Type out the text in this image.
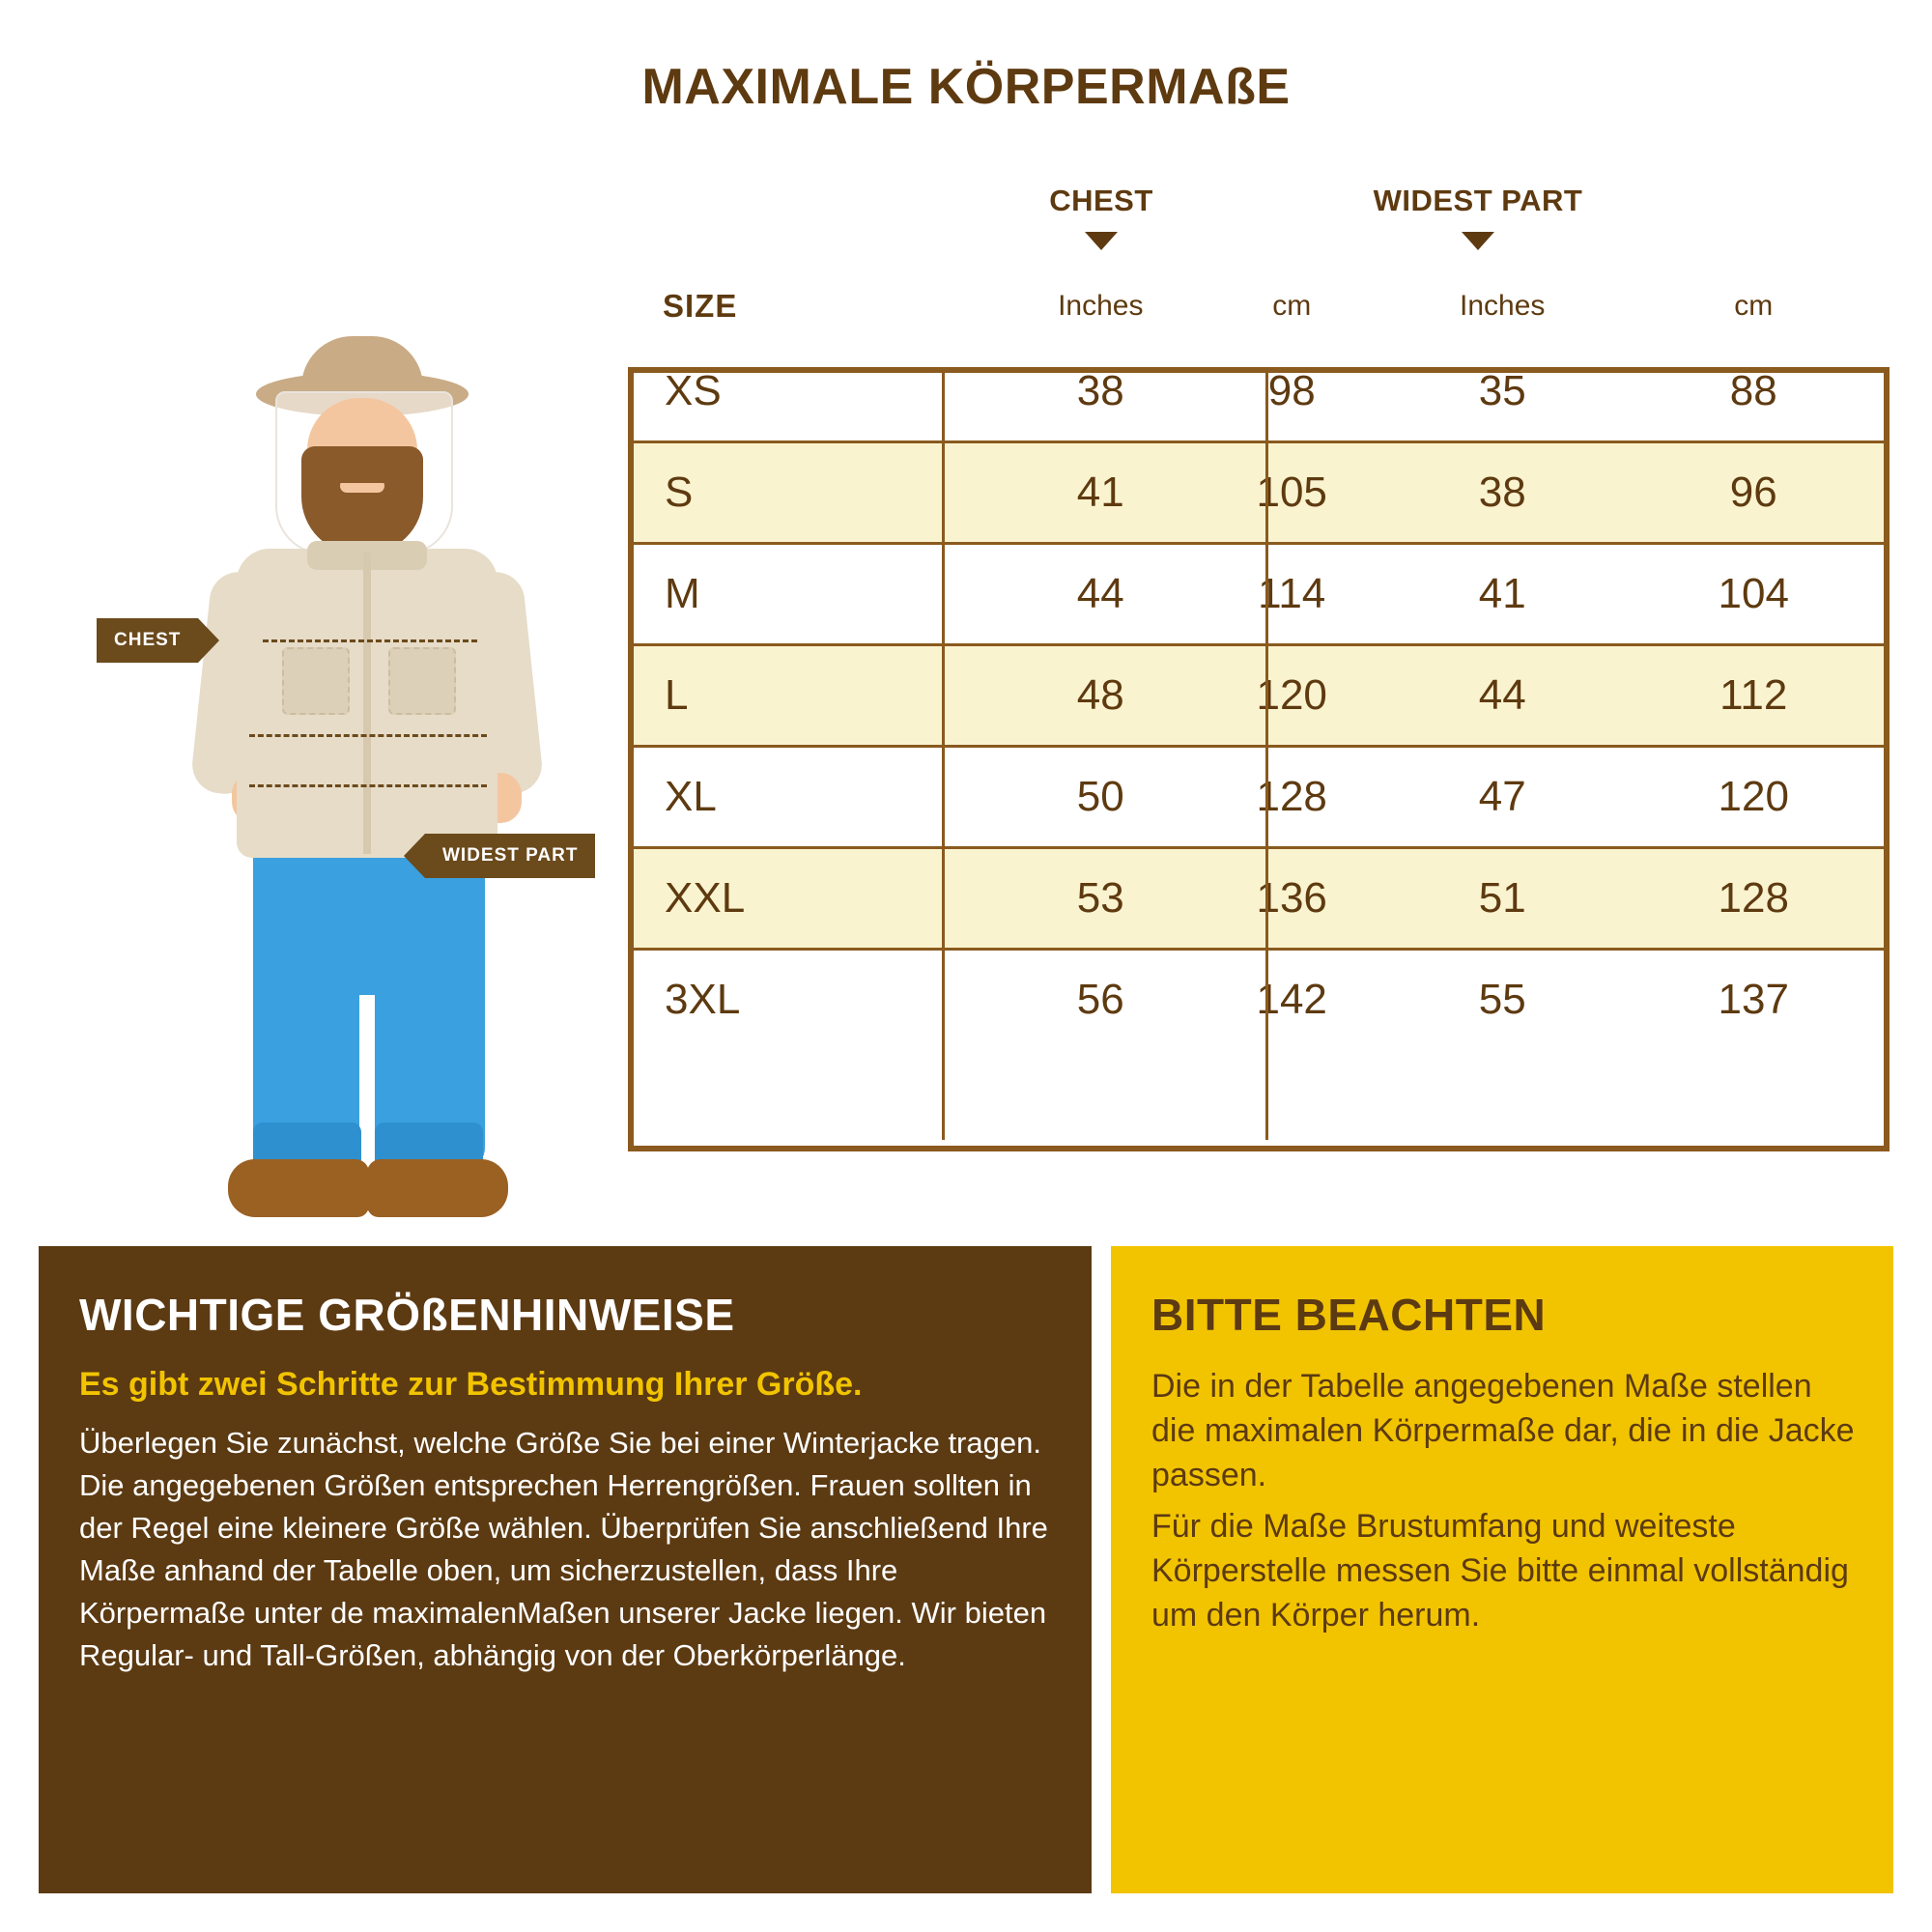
MAXIMALE KÖRPERMAßE
CHEST
WIDEST PART
CHEST	WIDEST PART
SIZE	Inches	cm	Inches	cm
XS	38	98	35	88
S	41	105	38	96
M	44	114	41	104
L	48	120	44	112
XL	50	128	47	120
XXL	53	136	51	128
3XL	56	142	55	137
WICHTIGE GRÖßENHINWEISE

Es gibt zwei Schritte zur Bestimmung Ihrer Größe.

Überlegen Sie zunächst, welche Größe Sie bei einer Winterjacke tragen. Die angegebenen Größen entsprechen Herrengrößen. Frauen sollten in der Regel eine kleinere Größe wählen. Überprüfen Sie anschließend Ihre Maße anhand der Tabelle oben, um sicherzustellen, dass Ihre Körpermaße unter de maximalenMaßen unserer Jacke liegen. Wir bieten Regular- und Tall-Größen, abhängig von der Oberkörperlänge.

BITTE BEACHTEN

Die in der Tabelle angegebenen Maße stellen die maximalen Körpermaße dar, die in die Jacke passen.

Für die Maße Brustumfang und weiteste Körperstelle messen Sie bitte einmal vollständig um den Körper herum.
